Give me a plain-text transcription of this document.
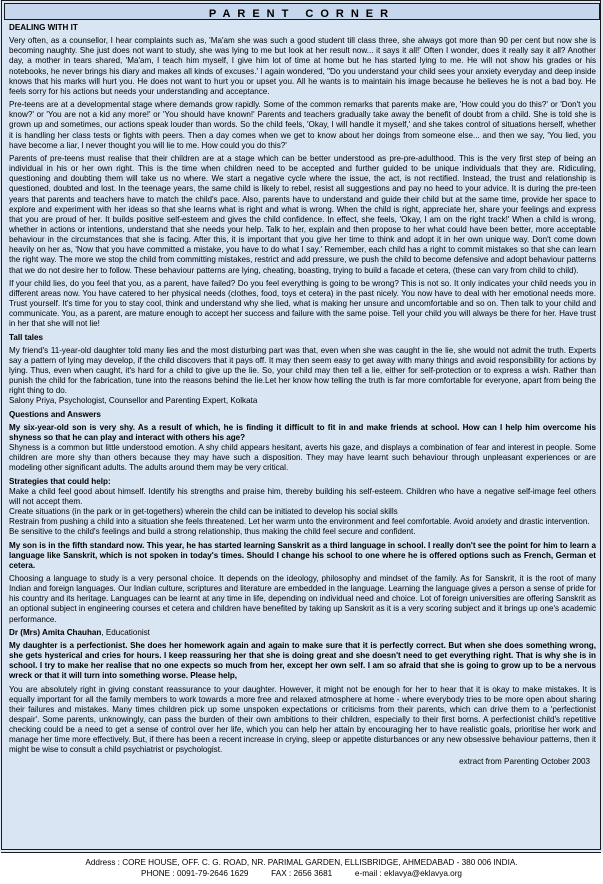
PARENT CORNER
DEALING WITH IT

Very often, as a counsellor, I hear complaints such as, 'Ma'am she was such a good student till class three, she always got more than 90 per cent but now she is becoming naughty. She just does not want to study, she was lying to me but look at her result now... it says it all!' Often I wonder, does it really say it all? Another day, a mother in tears shared, 'Ma'am, I teach him myself, I give him lot of time at home but he has started lying to me. He will not show his grades or his notebooks, he never brings his diary and makes all kinds of excuses.' I again wondered, "Do you understand your child sees your anxiety everyday and deep inside knows that his marks will hurt you. He does not want to hurt you or upset you. All he wants is to maintain his image because he believes he is not a bad boy. He feels sorry for his actions but needs your understanding and acceptance.

Pre-teens are at a developmental stage where demands grow rapidly. Some of the common remarks that parents make are, 'How could you do this?' or 'Don't you know?' or 'You are not a kid any more!' or 'You should have known!' Parents and teachers gradually take away the benefit of doubt from a child. She is told she is grown up and sometimes, our actions speak louder than words. So the child feels, 'Okay, I will handle it myself,' and she takes control of situations herself, whether it is handling her class tests or fights with peers. Then a day comes when we get to know about her doings from someone else... and then we say, 'You lied, you have become a liar, I never thought you will lie to me. How could you do this?'

Parents of pre-teens must realise that their children are at a stage which can be better understood as pre-pre-adulthood. This is the very first step of being an individual in his or her own right. This is the time when children need to be accepted and further guided to be unique individuals that they are. Ridiculing, questioning and doubting them will take us no where. We start a negative cycle where the issue, the act, is not rectified. Instead, the trust and relationship is questioned, doubted and lost. In the teenage years, the same child is likely to rebel, resist all suggestions and pay no heed to your advice. It is during the pre-teen years that parents and teachers have to match the child's pace. Also, parents have to understand and guide their child but at the same time, provide her space to explore and experiment with her ideas so that she learns what is right and what is wrong. When the child is right, appreciate her, share your feelings and express that you are proud of her. It builds positive self-esteem and gives the child confidence. In effect, she feels, 'Okay, I am on the right track!' When a child is wrong, whether in actions or intentions, understand that she needs your help. Talk to her, explain and then propose to her what could have been better, more acceptable behaviour in the circumstances that she is facing. After this, it is important that you give her time to think and adopt it in her own unique way. Don't come down heavily on her as, 'Now that you have committed a mistake, you have to do what I say.' Remember, each child has a right to commit mistakes so that she can learn the right way. The more we stop the child from committing mistakes, restrict and add pressure, we push the child to become defensive and adopt behaviour patterns that we do not desire her to follow. These behaviour patterns are lying, cheating, boasting, trying to build a facade et cetera, (these can vary from child to child).

If your child lies, do you feel that you, as a parent, have failed? Do you feel everything is going to be wrong? This is not so. It only indicates your child needs you in different areas now. You have catered to her physical needs (clothes, food, toys et cetera) in the past nicely. You now have to deal with her emotional needs more. Trust yourself. It's time for you to stay cool, think and understand why she lied, what is making her unsure and uncomfortable and so on. Then talk to your child and communicate. You, as a parent, are mature enough to accept her success and failure with the same poise. Tell your child you will always be there for her. Have trust in her that she will not lie!

Tall tales

My friend's 11-year-old daughter told many lies and the most disturbing part was that, even when she was caught in the lie, she would not admit the truth. Experts say a pattern of lying may develop, if the child discovers that it pays off. It may then seem easy to get away with many things and avoid responsibility for actions by lying. Thus, even when caught, it's hard for a child to give up the lie. So, your child may then tell a lie, either for self-protection or to express a wish. Rather than punish the child for the fabrication, tune into the reasons behind the lie.Let her know how telling the truth is far more comfortable for everyone, apart from being the right thing to do.

Salony Priya, Psychologist, Counsellor and Parenting Expert, Kolkata

Questions and Answers

My six-year-old son is very shy. As a result of which, he is finding it difficult to fit in and make friends at school. How can I help him overcome his shyness so that he can play and interact with others his age?

Shyness is a common but little understood emotion. A shy child appears hesitant, averts his gaze, and displays a combination of fear and interest in people. Some children are more shy than others because they may have such a disposition. They may have learnt such behaviour through unpleasant experiences or are modeling other significant adults. The adults around them may be very critical.

Strategies that could help:

Make a child feel good about himself. Identify his strengths and praise him, thereby building his self-esteem. Children who have a negative self-image feel others will not accept them.

Create situations (in the park or in get-togethers) wherein the child can be initiated to develop his social skills

Restrain from pushing a child into a situation she feels threatened. Let her warm unto the environment and feel comfortable. Avoid anxiety and drastic intervention.

Be sensitive to the child's feelings and build a strong relationship, thus making the child feel secure and confident.

My son is in the fifth standard now. This year, he has started learning Sanskrit as a third language in school. I really don't see the point for him to learn a language like Sanskrit, which is not spoken in today's times. Should I change his school to one where he is offered options such as French, German et cetera.

Choosing a language to study is a very personal choice. It depends on the ideology, philosophy and mindset of the family. As for Sanskrit, it is the root of many Indian and foreign languages. Our Indian culture, scriptures and literature are embedded in the language. Learning the language gives a person a sense of pride for his country and its heritage. Languages can be learnt at any time in life, depending on individual need and choice. Lot of foreign universities are offering Sanskrit as an optional subject in engineering courses et cetera and children have benefited by taking up Sanskrit as it is a very scoring subject and it brings up one's academic performance.

Dr (Mrs) Amita Chauhan, Educationist

My daughter is a perfectionist. She does her homework again and again to make sure that it is perfectly correct. But when she does something wrong, she gets hysterical and cries for hours. I keep reassuring her that she is doing great and she doesn't need to get everything right. That is why she is in school. I try to make her realise that no one expects so much from her, except her own self. I am so afraid that she is going to grow up to be a nervous wreck or that it will turn into something worse. Please help,

You are absolutely right in giving constant reassurance to your daughter. However, it might not be enough for her to hear that it is okay to make mistakes. It is equally important for all the family members to work towards a more free and relaxed atmosphere at home - where everybody tries to be more open about sharing their failures and mistakes. Many times children pick up some unspoken expectations or criticisms from their parents, which can drive them to a 'perfectionist despair'. Some parents, unknowingly, can pass the burden of their own ambitions to their children, especially to their first borns. A perfectionist child's repetitive checking could be a need to get a sense of control over her life, which you can help her attain by encouraging her to have realistic goals, prioritise her work and manage her time more effectively. But, if there has been a recent increase in crying, sleep or appetite disturbances or any new obsessive behaviour patterns, then it might be wise to consult a child psychiatrist or psychologist.

extract from Parenting October 2003

Address : CORE HOUSE, OFF. C. G. ROAD, NR. PARIMAL GARDEN, ELLISBRIDGE, AHMEDABAD - 380 006 INDIA.
PHONE : 0091-79-2646 1629          FAX : 2656 3681          e-mail : eklavya@eklavya.org
